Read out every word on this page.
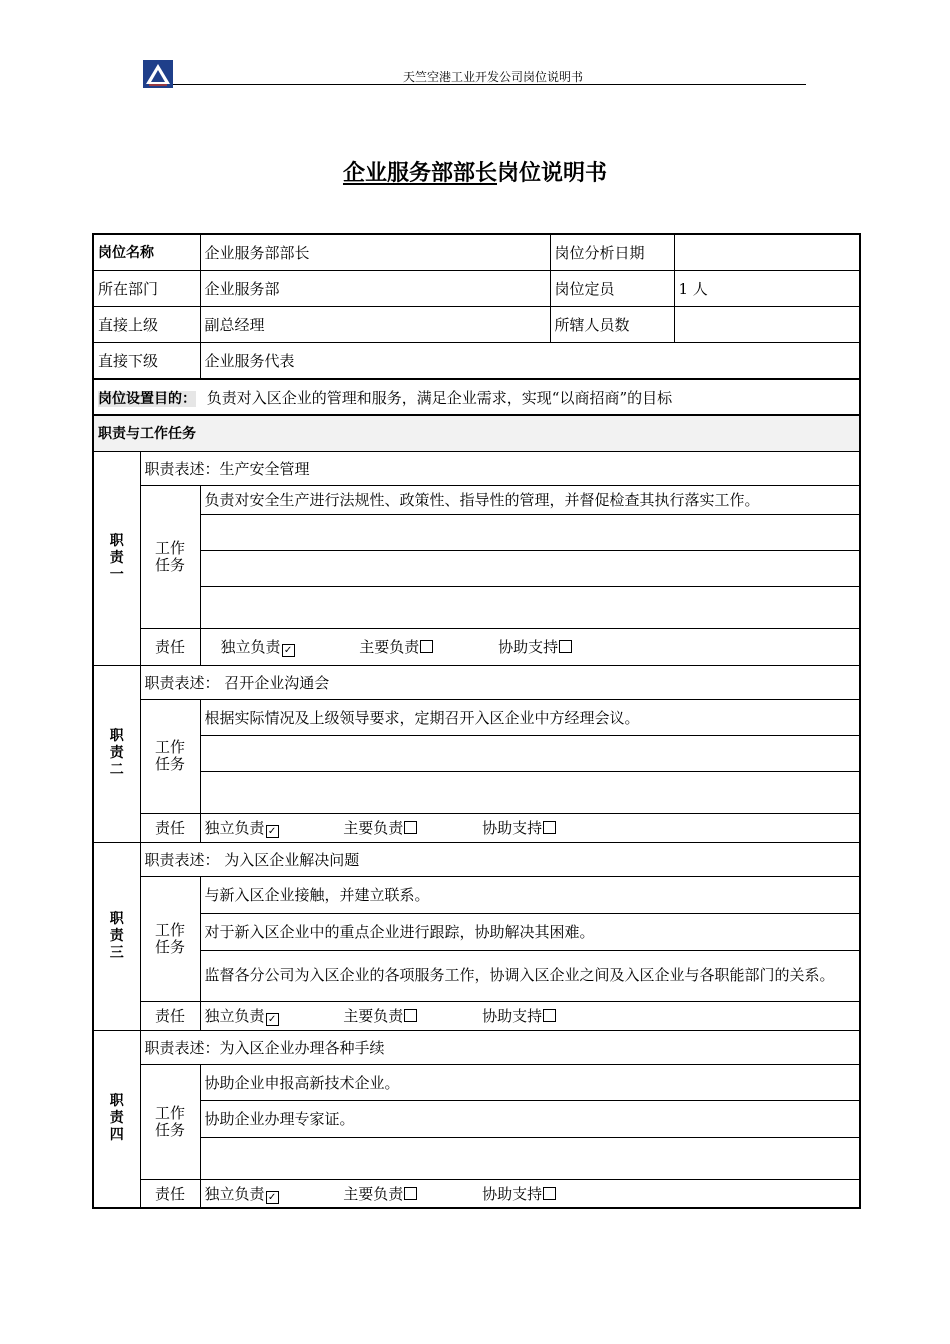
天竺空港工业开发公司岗位说明书
企业服务部部长岗位说明书
岗位名称		企业服务部部长	岗位分析日期	
所在部门		企业服务部	岗位定员	1 人
直接上级		副总经理	所辖人员数	
直接下级		企业服务代表		
岗位设置目的： 负责对入区企业的管理和服务，满足企业需求，实现“以商招商”的目标				
职责与工作任务				

职
责
一	职责表述：生产安全管理			

	工作
任务	负责对安全生产进行法规性、政策性、指导性的管理，并督促检查其执行落实工作。		

	责任	独立负责 ✓ 主要负责 协助支持		

职
责
二	职责表述： 召开企业沟通会			

	工作
任务	根据实际情况及上级领导要求，定期召开入区企业中方经理会议。		

	责任	独立负责 ✓ 主要负责 协助支持		

职
责
三	职责表述： 为入区企业解决问题			

	工作
任务	与新入区企业接触，并建立联系。		
		对于新入区企业中的重点企业进行跟踪，协助解决其困难。		
		监督各分公司为入区企业的各项服务工作，协调入区企业之间及入区企业与各职能部门的关系。		
	责任	独立负责 ✓ 主要负责 协助支持		

职
责
四	职责表述：为入区企业办理各种手续			

	工作
任务	协助企业申报高新技术企业。		
		协助企业办理专家证。		

	责任	独立负责 ✓ 主要负责 协助支持		
